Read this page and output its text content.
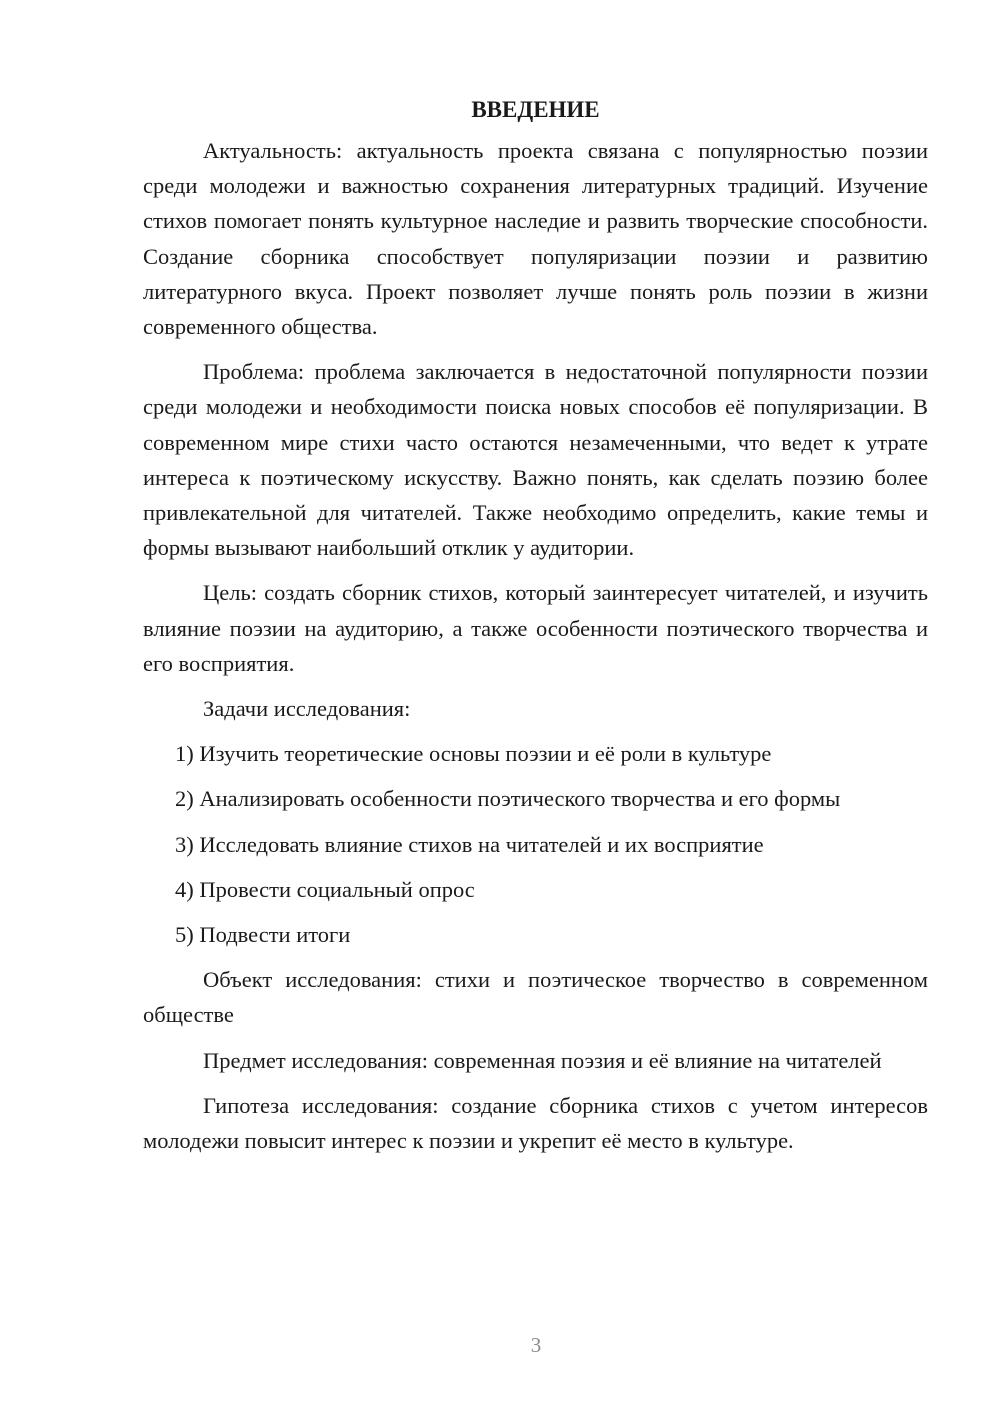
ВВЕДЕНИЕ

Актуальность: актуальность проекта связана с популярностью поэзии среди молодежи и важностью сохранения литературных традиций. Изучение стихов помогает понять культурное наследие и развить творческие способности. Создание сборника способствует популяризации поэзии и развитию литературного вкуса. Проект позволяет лучше понять роль поэзии в жизни современного общества.

Проблема: проблема заключается в недостаточной популярности поэзии среди молодежи и необходимости поиска новых способов её популяризации. В современном мире стихи часто остаются незамеченными, что ведет к утрате интереса к поэтическому искусству. Важно понять, как сделать поэзию более привлекательной для читателей. Также необходимо определить, какие темы и формы вызывают наибольший отклик у аудитории.

Цель: создать сборник стихов, который заинтересует читателей, и изучить влияние поэзии на аудиторию, а также особенности поэтического творчества и его восприятия.

Задачи исследования:

1) Изучить теоретические основы поэзии и её роли в культуре
2) Анализировать особенности поэтического творчества и его формы
3) Исследовать влияние стихов на читателей и их восприятие
4) Провести социальный опрос
5) Подвести итоги

Объект исследования: стихи и поэтическое творчество в современном обществе

Предмет исследования: современная поэзия и её влияние на читателей

Гипотеза исследования: создание сборника стихов с учетом интересов молодежи повысит интерес к поэзии и укрепит её место в культуре.

3
